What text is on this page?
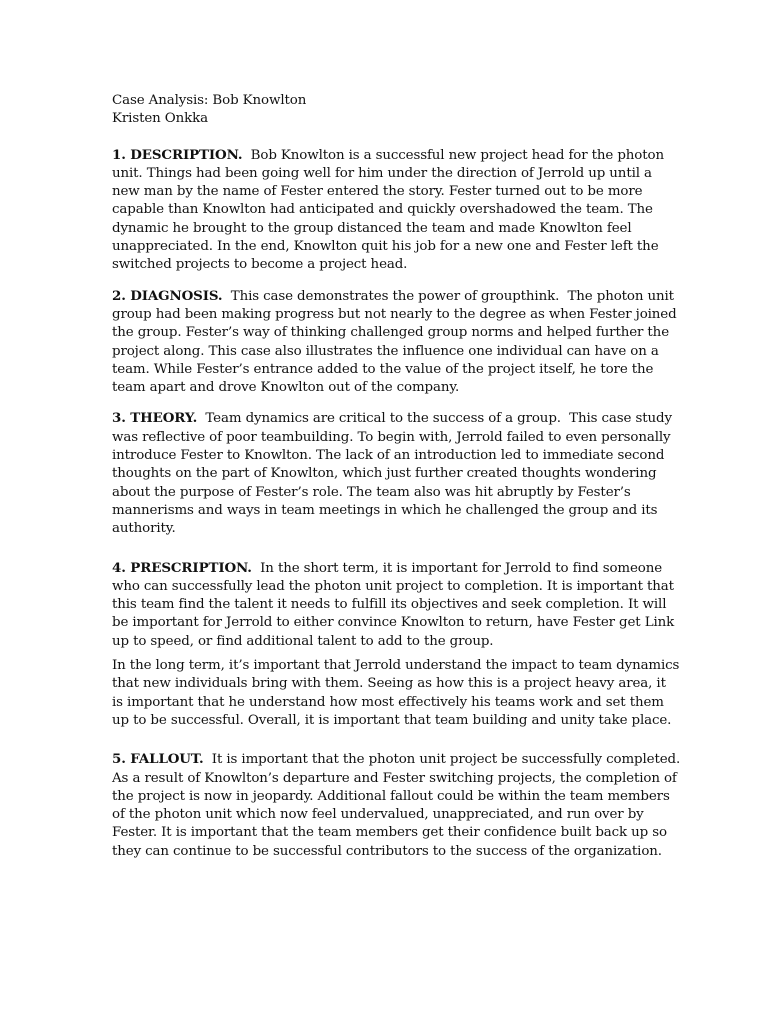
Case Analysis: Bob Knowlton
Kristen Onkka
1. DESCRIPTION.  Bob Knowlton is a successful new project head for the photon
unit. Things had been going well for him under the direction of Jerrold up until a
new man by the name of Fester entered the story. Fester turned out to be more
capable than Knowlton had anticipated and quickly overshadowed the team. The
dynamic he brought to the group distanced the team and made Knowlton feel
unappreciated. In the end, Knowlton quit his job for a new one and Fester left the
switched projects to become a project head.
2. DIAGNOSIS.  This case demonstrates the power of groupthink.  The photon unit
group had been making progress but not nearly to the degree as when Fester joined
the group. Fester’s way of thinking challenged group norms and helped further the
project along. This case also illustrates the influence one individual can have on a
team. While Fester’s entrance added to the value of the project itself, he tore the
team apart and drove Knowlton out of the company.
3. THEORY.  Team dynamics are critical to the success of a group.  This case study
was reflective of poor teambuilding. To begin with, Jerrold failed to even personally
introduce Fester to Knowlton. The lack of an introduction led to immediate second
thoughts on the part of Knowlton, which just further created thoughts wondering
about the purpose of Fester’s role. The team also was hit abruptly by Fester’s
mannerisms and ways in team meetings in which he challenged the group and its
authority.
4. PRESCRIPTION.  In the short term, it is important for Jerrold to find someone
who can successfully lead the photon unit project to completion. It is important that
this team find the talent it needs to fulfill its objectives and seek completion. It will
be important for Jerrold to either convince Knowlton to return, have Fester get Link
up to speed, or find additional talent to add to the group.
In the long term, it’s important that Jerrold understand the impact to team dynamics
that new individuals bring with them. Seeing as how this is a project heavy area, it
is important that he understand how most effectively his teams work and set them
up to be successful. Overall, it is important that team building and unity take place.
5. FALLOUT.  It is important that the photon unit project be successfully completed.
As a result of Knowlton’s departure and Fester switching projects, the completion of
the project is now in jeopardy. Additional fallout could be within the team members
of the photon unit which now feel undervalued, unappreciated, and run over by
Fester. It is important that the team members get their confidence built back up so
they can continue to be successful contributors to the success of the organization.
